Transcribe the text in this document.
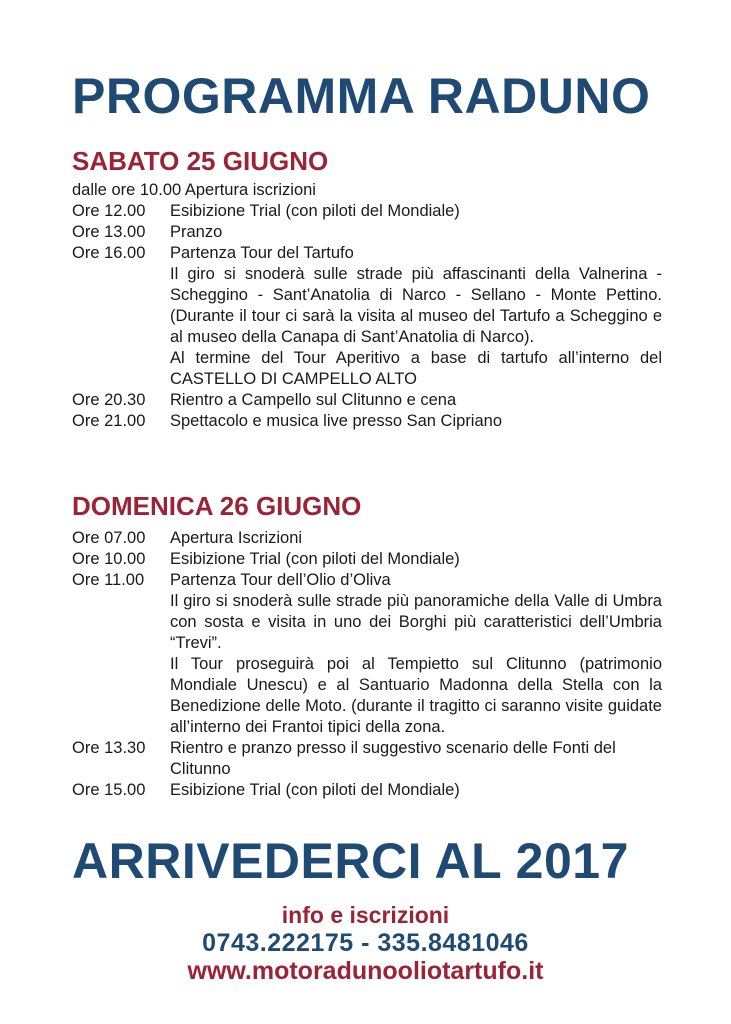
PROGRAMMA RADUNO
SABATO 25 GIUGNO
dalle ore 10.00 Apertura iscrizioni
Ore 12.00	Esibizione Trial (con piloti del Mondiale)
Ore 13.00	Pranzo
Ore 16.00	Partenza Tour del Tartufo
Il giro si snoderà sulle strade più affascinanti della Valnerina - Scheggino - Sant’Anatolia di Narco - Sellano - Monte Pettino. (Durante il tour ci sarà la visita al museo del Tartufo a Scheggino e al museo della Canapa di Sant’Anatolia di Narco).
Al termine del Tour Aperitivo a base di tartufo all’interno del CASTELLO DI CAMPELLO ALTO
Ore 20.30	Rientro a Campello sul Clitunno e cena
Ore 21.00	Spettacolo e musica live presso San Cipriano
DOMENICA 26 GIUGNO
Ore 07.00	Apertura Iscrizioni
Ore 10.00	Esibizione Trial (con piloti del Mondiale)
Ore 11.00	Partenza Tour dell’Olio d’Oliva
Il giro si snoderà sulle strade più panoramiche della Valle di Umbra con sosta e visita in uno dei Borghi più caratteristici dell’Umbria “Trevi”.
Il Tour proseguirà poi al Tempietto sul Clitunno (patrimonio Mondiale Unescu) e al Santuario Madonna della Stella con la Benedizione delle Moto. (durante il tragitto ci saranno visite guidate all’interno dei Frantoi tipici della zona.
Ore 13.30	Rientro e pranzo presso il suggestivo scenario delle Fonti del Clitunno
Ore 15.00	Esibizione Trial (con piloti del Mondiale)
ARRIVEDERCI AL 2017
info e iscrizioni
0743.222175 - 335.8481046
www.motoradunooliotartufo.it
